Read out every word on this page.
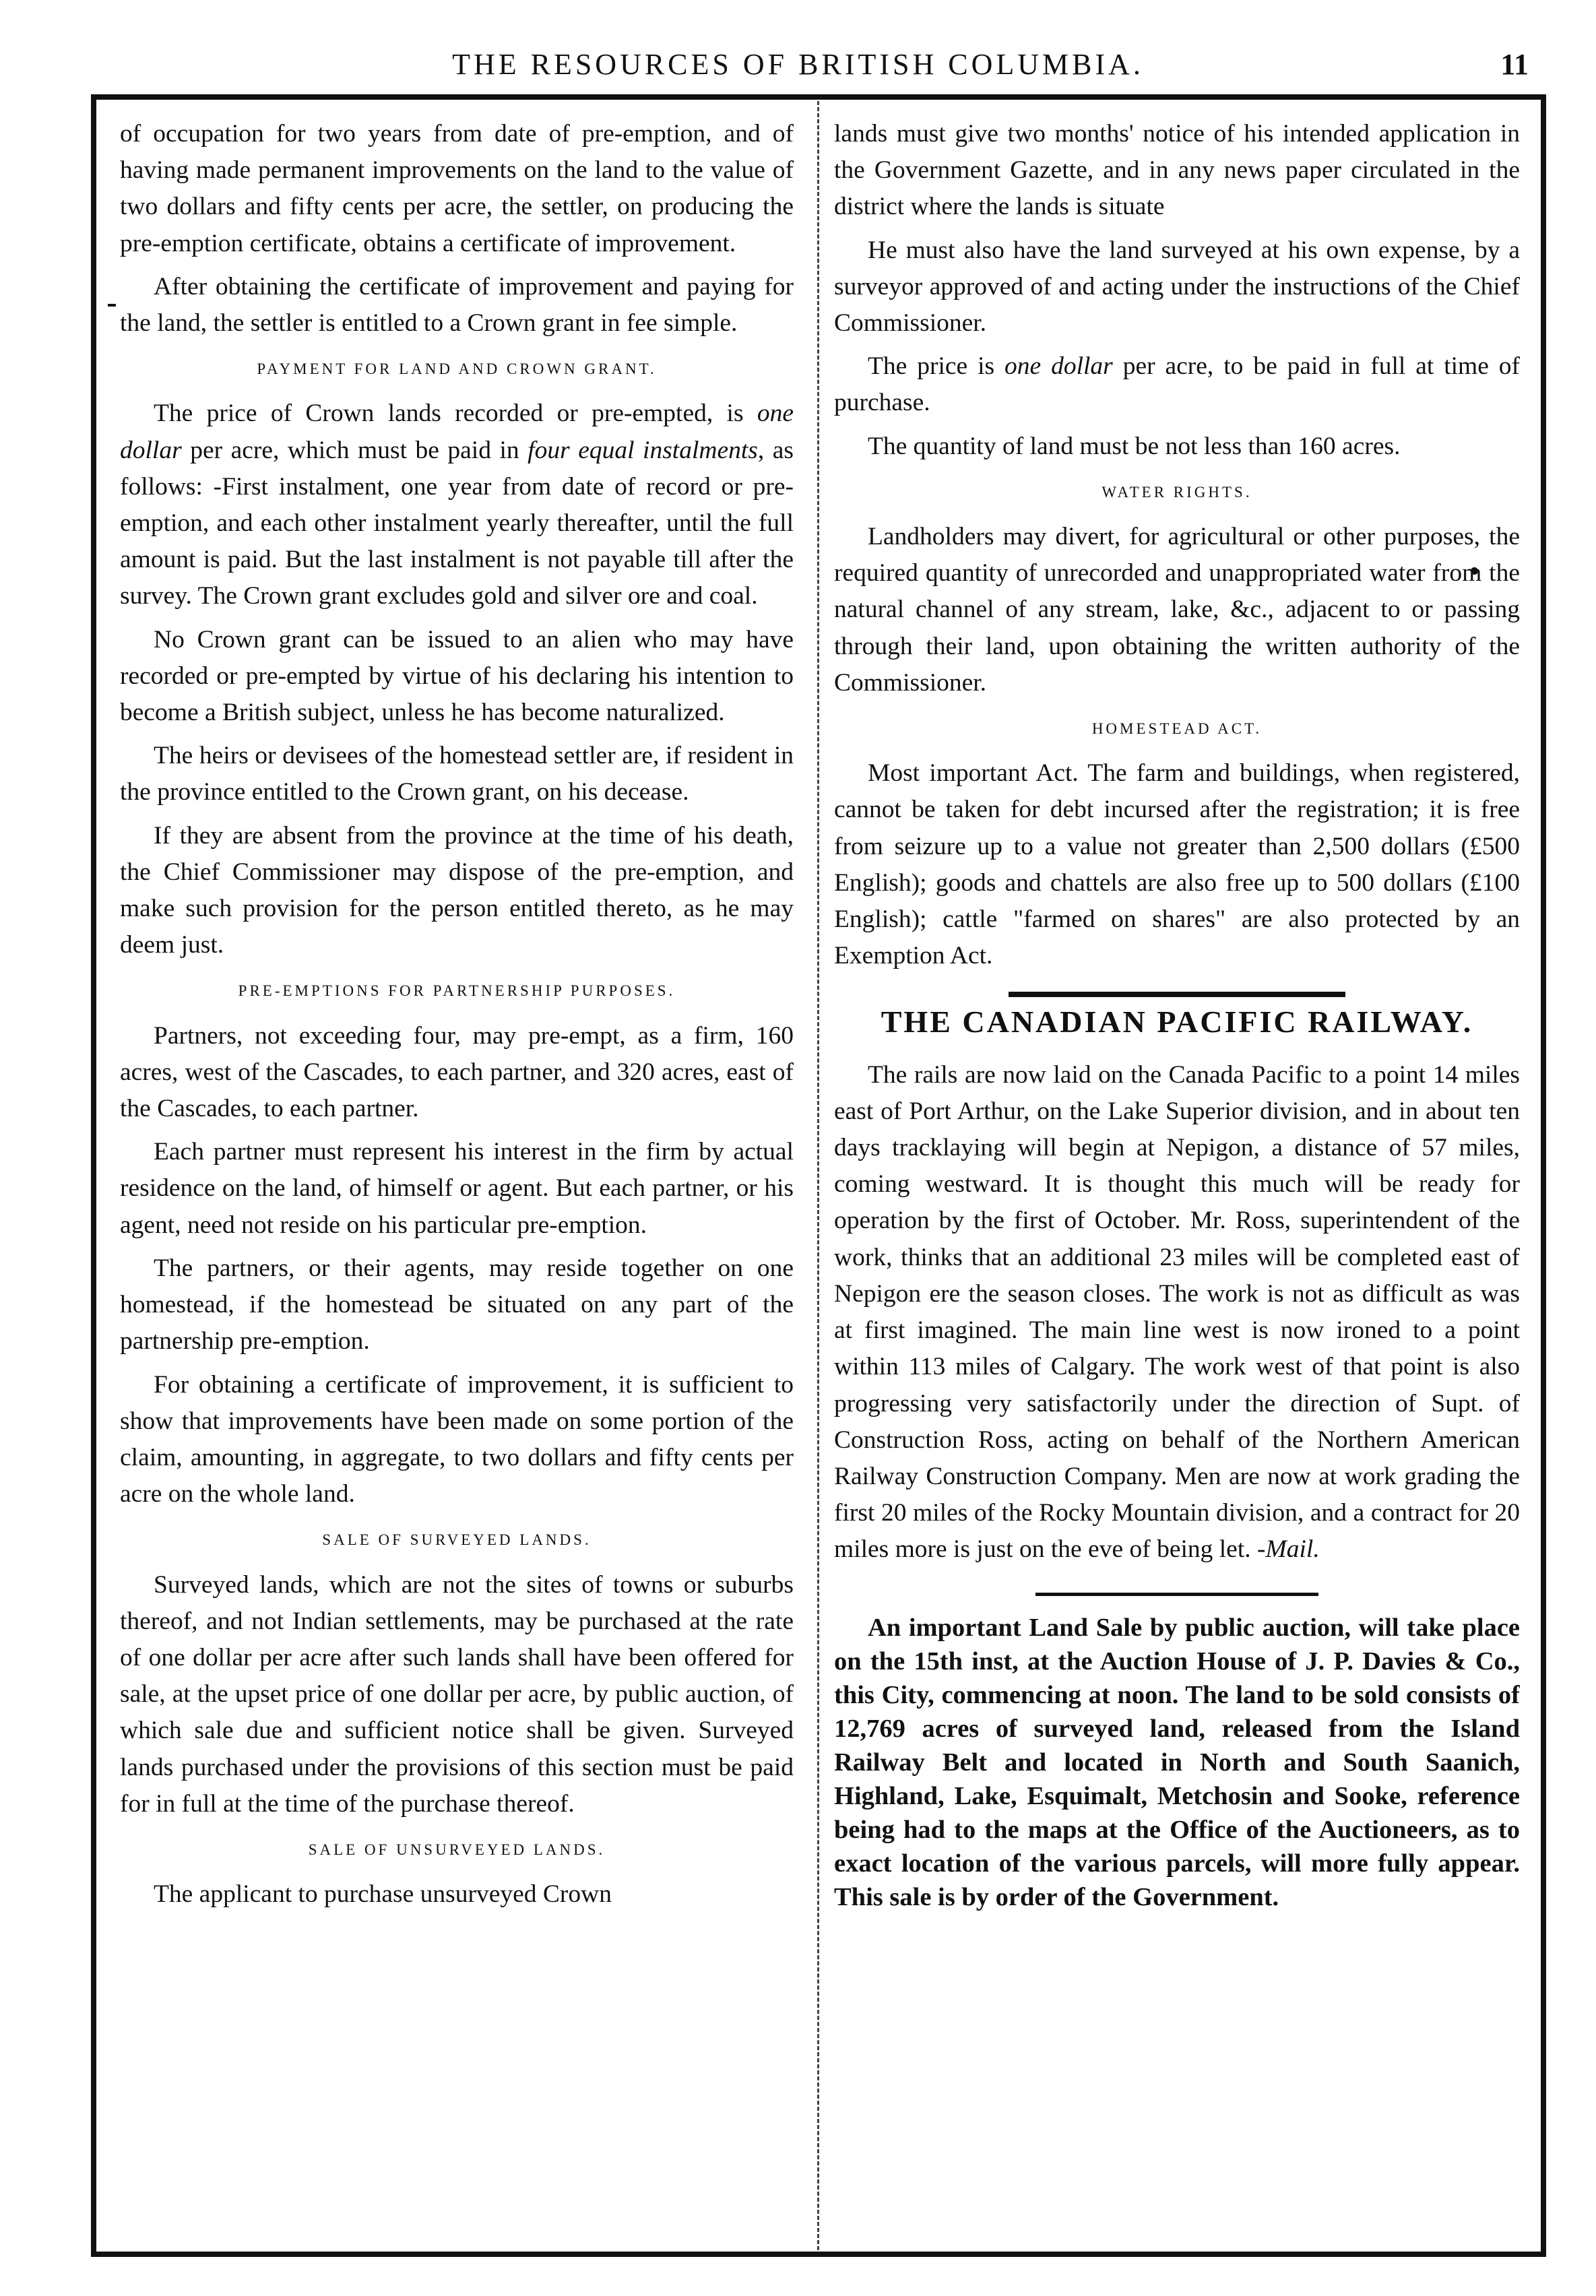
THE RESOURCES OF BRITISH COLUMBIA.	11

of occupation for two years from date of pre-emption, and of having made permanent improvements on the land to the value of two dollars and fifty cents per acre, the settler, on producing the pre-emption certificate, obtains a certificate of improvement.

After obtaining the certificate of improvement and paying for the land, the settler is entitled to a Crown grant in fee simple.

PAYMENT FOR LAND AND CROWN GRANT.

The price of Crown lands recorded or pre-empted, is one dollar per acre, which must be paid in four equal instalments, as follows: -First instalment, one year from date of record or pre-emption, and each other instalment yearly thereafter, until the full amount is paid. But the last instalment is not payable till after the survey. The Crown grant excludes gold and silver ore and coal.

No Crown grant can be issued to an alien who may have recorded or pre-empted by virtue of his declaring his intention to become a British subject, unless he has become naturalized.

The heirs or devisees of the homestead settler are, if resident in the province entitled to the Crown grant, on his decease.

If they are absent from the province at the time of his death, the Chief Commissioner may dispose of the pre-emption, and make such provision for the person entitled thereto, as he may deem just.

PRE-EMPTIONS FOR PARTNERSHIP PURPOSES.

Partners, not exceeding four, may pre-empt, as a firm, 160 acres, west of the Cascades, to each partner, and 320 acres, east of the Cascades, to each partner.

Each partner must represent his interest in the firm by actual residence on the land, of himself or agent. But each partner, or his agent, need not reside on his particular pre-emption.

The partners, or their agents, may reside together on one homestead, if the homestead be situated on any part of the partnership pre-emption.

For obtaining a certificate of improvement, it is sufficient to show that improvements have been made on some portion of the claim, amounting, in aggregate, to two dollars and fifty cents per acre on the whole land.

SALE OF SURVEYED LANDS.

Surveyed lands, which are not the sites of towns or suburbs thereof, and not Indian settlements, may be purchased at the rate of one dollar per acre after such lands shall have been offered for sale, at the upset price of one dollar per acre, by public auction, of which sale due and sufficient notice shall be given. Surveyed lands purchased under the provisions of this section must be paid for in full at the time of the purchase thereof.

SALE OF UNSURVEYED LANDS.

The applicant to purchase unsurveyed Crown

lands must give two months' notice of his intended application in the Government Gazette, and in any news paper circulated in the district where the lands is situate

He must also have the land surveyed at his own expense, by a surveyor approved of and acting under the instructions of the Chief Commissioner.

The price is one dollar per acre, to be paid in full at time of purchase.

The quantity of land must be not less than 160 acres.

WATER RIGHTS.

Landholders may divert, for agricultural or other purposes, the required quantity of unrecorded and unappropriated water from the natural channel of any stream, lake, &c., adjacent to or passing through their land, upon obtaining the written authority of the Commissioner.

HOMESTEAD ACT.

Most important Act. The farm and buildings, when registered, cannot be taken for debt incursed after the registration; it is free from seizure up to a value not greater than 2,500 dollars (£500 English); goods and chattels are also free up to 500 dollars (£100 English); cattle "farmed on shares" are also protected by an Exemption Act.

THE CANADIAN PACIFIC RAILWAY.

The rails are now laid on the Canada Pacific to a point 14 miles east of Port Arthur, on the Lake Superior division, and in about ten days tracklaying will begin at Nepigon, a distance of 57 miles, coming westward. It is thought this much will be ready for operation by the first of October. Mr. Ross, superintendent of the work, thinks that an additional 23 miles will be completed east of Nepigon ere the season closes. The work is not as difficult as was at first imagined. The main line west is now ironed to a point within 113 miles of Calgary. The work west of that point is also progressing very satisfactorily under the direction of Supt. of Construction Ross, acting on behalf of the Northern American Railway Construction Company. Men are now at work grading the first 20 miles of the Rocky Mountain division, and a contract for 20 miles more is just on the eve of being let. -Mail.

An important Land Sale by public auction, will take place on the 15th inst, at the Auction House of J. P. Davies & Co., this City, commencing at noon. The land to be sold consists of 12,769 acres of surveyed land, released from the Island Railway Belt and located in North and South Saanich, Highland, Lake, Esquimalt, Metchosin and Sooke, reference being had to the maps at the Office of the Auctioneers, as to exact location of the various parcels, will more fully appear. This sale is by order of the Government.
